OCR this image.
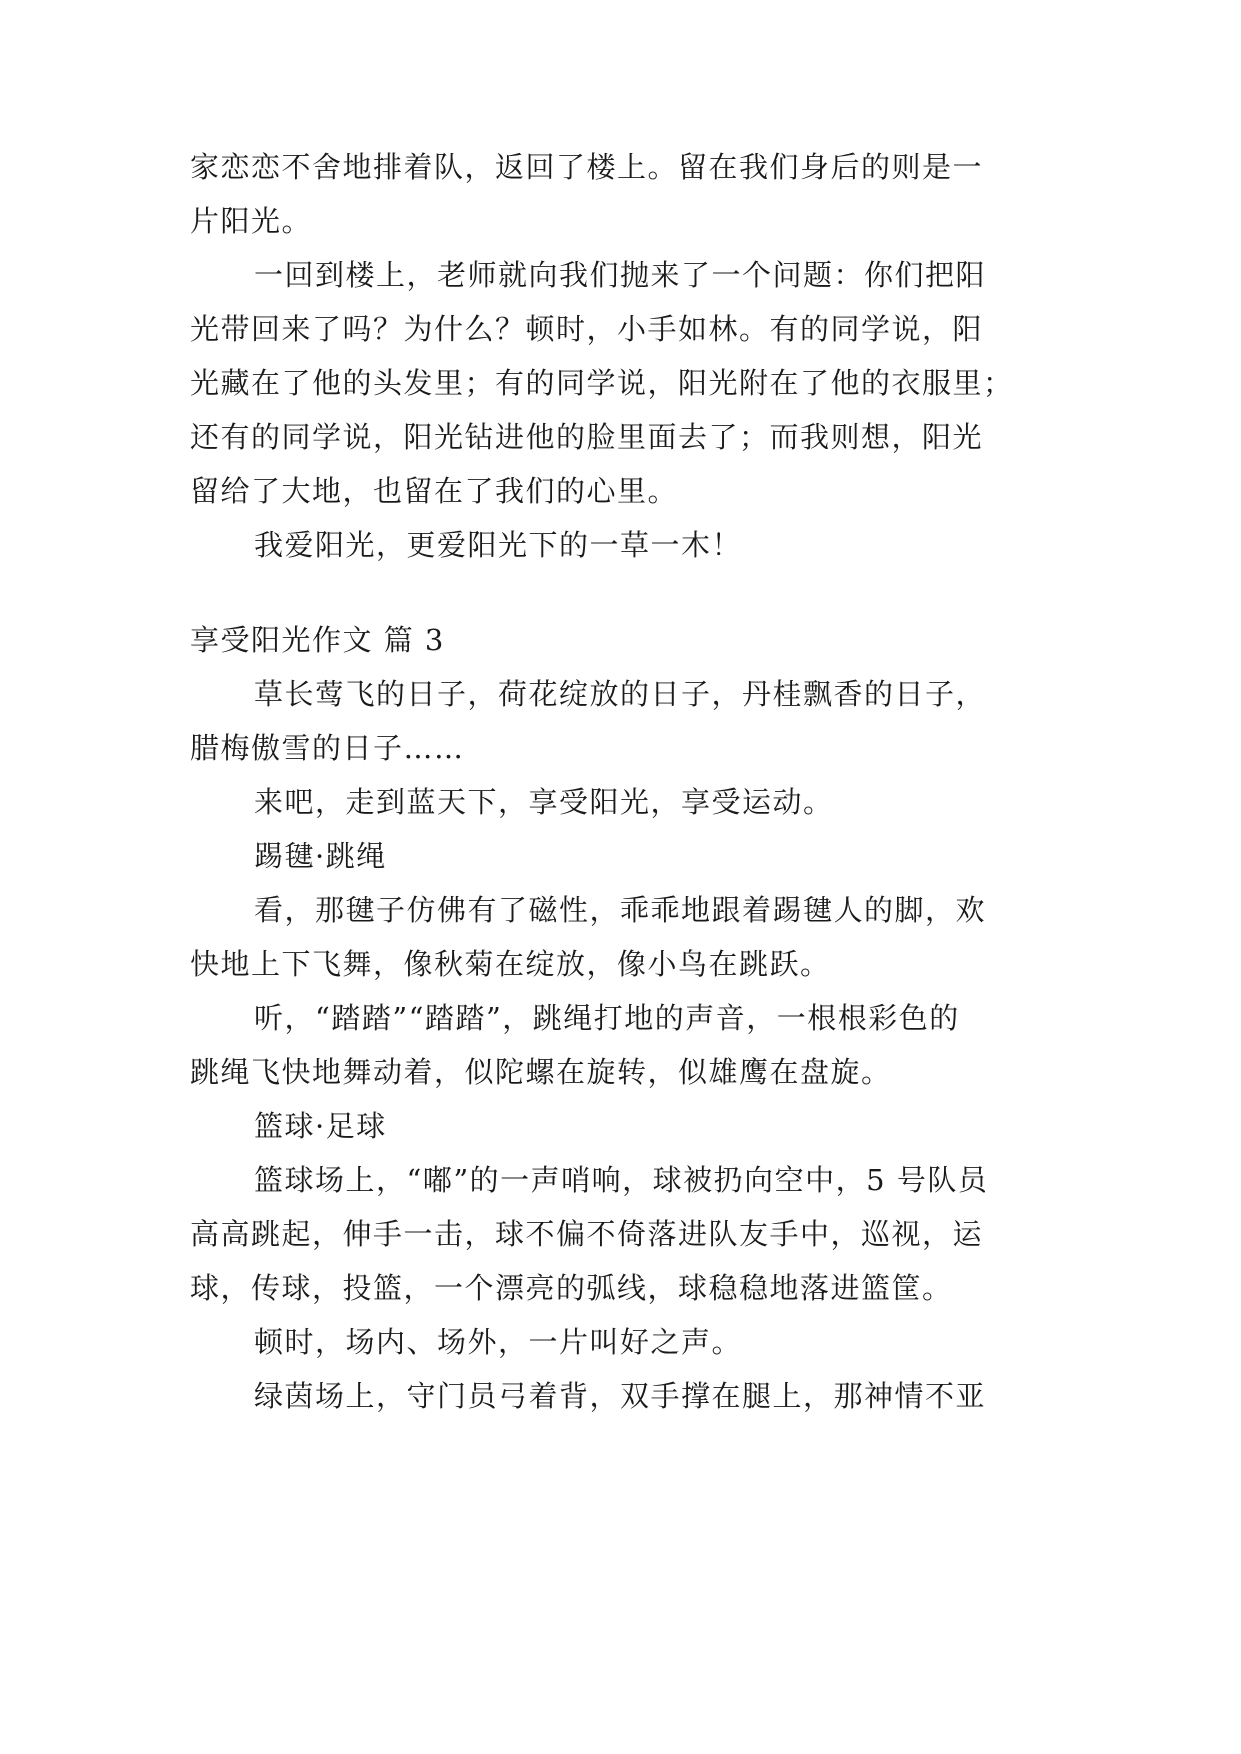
家恋恋不舍地排着队，返回了楼上。留在我们身后的则是一
片阳光。
一回到楼上，老师就向我们抛来了一个问题：你们把阳
光带回来了吗？为什么？顿时，小手如林。有的同学说，阳
光藏在了他的头发里；有的同学说，阳光附在了他的衣服里；
还有的同学说，阳光钻进他的脸里面去了；而我则想，阳光
留给了大地，也留在了我们的心里。
我爱阳光，更爱阳光下的一草一木！
享受阳光作文 篇 3
草长莺飞的日子，荷花绽放的日子，丹桂飘香的日子，
腊梅傲雪的日子……
来吧，走到蓝天下，享受阳光，享受运动。
踢毽·跳绳
看，那毽子仿佛有了磁性，乖乖地跟着踢毽人的脚，欢
快地上下飞舞，像秋菊在绽放，像小鸟在跳跃。
听，“踏踏”“踏踏”，跳绳打地的声音，一根根彩色的
跳绳飞快地舞动着，似陀螺在旋转，似雄鹰在盘旋。
篮球·足球
篮球场上，“嘟”的一声哨响，球被扔向空中，5 号队员
高高跳起，伸手一击，球不偏不倚落进队友手中，巡视，运
球，传球，投篮，一个漂亮的弧线，球稳稳地落进篮筐。
顿时，场内、场外，一片叫好之声。
绿茵场上，守门员弓着背，双手撑在腿上，那神情不亚
